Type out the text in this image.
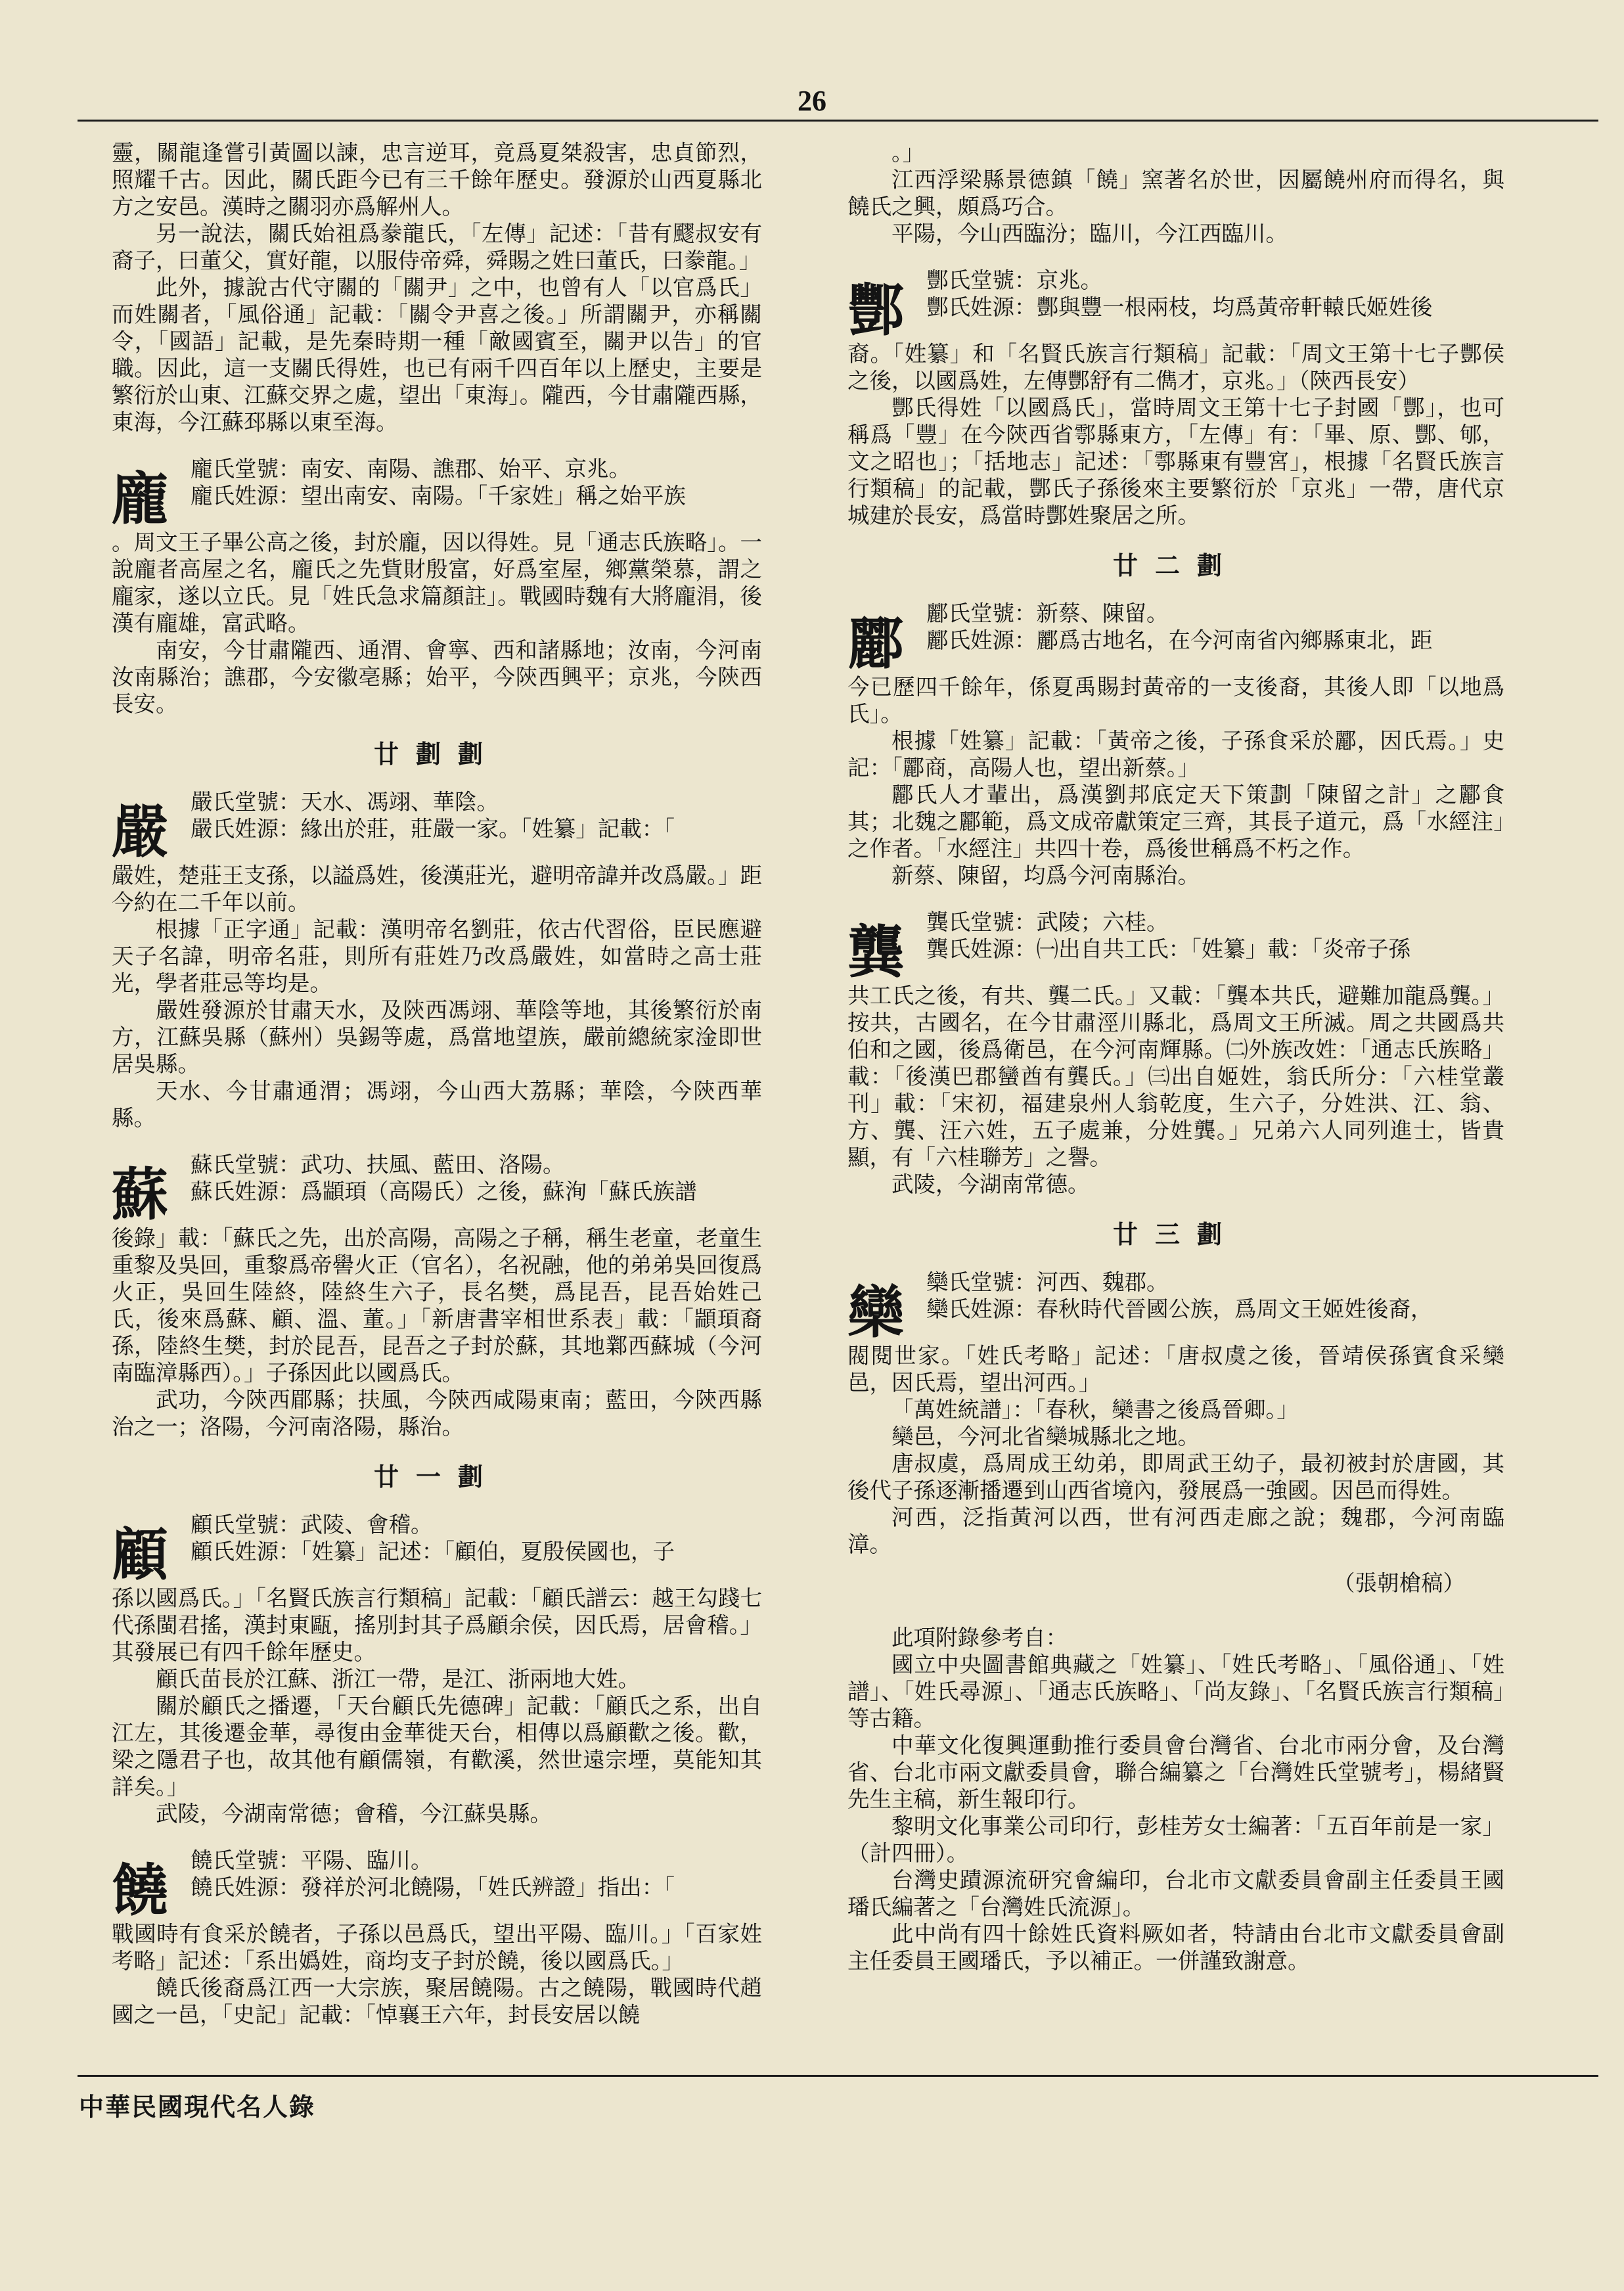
26

靈，關龍逢嘗引黃圖以諫，忠言逆耳，竟爲夏桀殺害，忠貞節烈，照耀千古。因此，關氏距今已有三千餘年歷史。發源於山西夏縣北方之安邑。漢時之關羽亦爲解州人。

另一說法，關氏始祖爲豢龍氏，「左傳」記述：「昔有飂叔安有裔子，曰董父，實好龍，以服侍帝舜，舜賜之姓曰董氏，曰豢龍。」

此外，據說古代守關的「關尹」之中，也曾有人「以官爲氏」而姓關者，「風俗通」記載：「關令尹喜之後。」所謂關尹，亦稱關令，「國語」記載，是先秦時期一種「敵國賓至，關尹以告」的官職。因此，這一支關氏得姓，也已有兩千四百年以上歷史，主要是繁衍於山東、江蘇交界之處，望出「東海」。隴西，今甘肅隴西縣，東海，今江蘇邳縣以東至海。

龐	龐氏堂號：南安、南陽、譙郡、始平、京兆。

龐氏姓源：望出南安、南陽。「千家姓」稱之始平族

。周文王子畢公高之後，封於龐，因以得姓。見「通志氏族略」。一說龐者高屋之名，龐氏之先貲財殷富，好爲室屋，鄉黨榮慕，謂之龐家，遂以立氏。見「姓氏急求篇顏註」。戰國時魏有大將龐涓，後漢有龐雄，富武略。

南安，今甘肅隴西、通渭、會寧、西和諸縣地；汝南，今河南汝南縣治；譙郡，今安徽亳縣；始平，今陝西興平；京兆，今陝西長安。

廿劃劃
嚴	嚴氏堂號：天水、馮翊、華陰。

嚴氏姓源：緣出於莊，莊嚴一家。「姓纂」記載：「

嚴姓，楚莊王支孫，以謚爲姓，後漢莊光，避明帝諱并改爲嚴。」距今約在二千年以前。

根據「正字通」記載：漢明帝名劉莊，依古代習俗，臣民應避天子名諱，明帝名莊，則所有莊姓乃改爲嚴姓，如當時之高士莊光，學者莊忌等均是。

嚴姓發源於甘肅天水，及陝西馮翊、華陰等地，其後繁衍於南方，江蘇吳縣（蘇州）吳錫等處，爲當地望族，嚴前總統家淦即世居吳縣。

天水、今甘肅通渭；馮翊，今山西大荔縣；華陰，今陝西華縣。

蘇	蘇氏堂號：武功、扶風、藍田、洛陽。

蘇氏姓源：爲顓頊（高陽氏）之後，蘇洵「蘇氏族譜

後錄」載：「蘇氏之先，出於高陽，高陽之子稱，稱生老童，老童生重黎及吳回，重黎爲帝嚳火正（官名），名祝融，他的弟弟吳回復爲火正，吳回生陸終，陸終生六子，長名樊，爲昆吾，昆吾始姓己氏，後來爲蘇、顧、溫、董。」「新唐書宰相世系表」載：「顓頊裔孫，陸終生樊，封於昆吾，昆吾之子封於蘇，其地鄴西蘇城（今河南臨漳縣西）。」子孫因此以國爲氏。

武功，今陝西郿縣；扶風，今陝西咸陽東南；藍田，今陝西縣治之一；洛陽，今河南洛陽，縣治。

廿一劃
顧	顧氏堂號：武陵、會稽。

顧氏姓源：「姓纂」記述：「顧伯，夏殷侯國也，子

孫以國爲氏。」「名賢氏族言行類稿」記載：「顧氏譜云：越王勾踐七代孫閩君搖，漢封東甌，搖別封其子爲顧余侯，因氏焉，居會稽。」其發展已有四千餘年歷史。

顧氏苗長於江蘇、浙江一帶，是江、浙兩地大姓。

關於顧氏之播遷，「天台顧氏先德碑」記載：「顧氏之系，出自江左，其後遷金華，尋復由金華徙天台，相傳以爲顧歡之後。歡，梁之隱君子也，故其他有顧儒嶺，有歡溪，然世遠宗堙，莫能知其詳矣。」

武陵，今湖南常德；會稽，今江蘇吳縣。

饒	饒氏堂號：平陽、臨川。

饒氏姓源：發祥於河北饒陽，「姓氏辨證」指出：「

戰國時有食采於饒者，子孫以邑爲氏，望出平陽、臨川。」「百家姓考略」記述：「系出嬀姓，商均支子封於饒，後以國爲氏。」

饒氏後裔爲江西一大宗族，聚居饒陽。古之饒陽，戰國時代趙國之一邑，「史記」記載：「悼襄王六年，封長安居以饒

。」

江西浮梁縣景德鎮「饒」窯著名於世，因屬饒州府而得名，與饒氏之興，頗爲巧合。

平陽，今山西臨汾；臨川，今江西臨川。

酆	酆氏堂號：京兆。

酆氏姓源：酆與豐一根兩枝，均爲黃帝軒轅氏姬姓後

裔。「姓纂」和「名賢氏族言行類稿」記載：「周文王第十七子酆侯之後，以國爲姓，左傳酆舒有二儁才，京兆。」（陝西長安）

酆氏得姓「以國爲氏」，當時周文王第十七子封國「酆」，也可稱爲「豐」在今陝西省鄠縣東方，「左傳」有：「畢、原、酆、郇，文之昭也」；「括地志」記述：「鄠縣東有豐宮」，根據「名賢氏族言行類稿」的記載，酆氏子孫後來主要繁衍於「京兆」一帶，唐代京城建於長安，爲當時酆姓聚居之所。

廿二劃
酈	酈氏堂號：新蔡、陳留。

酈氏姓源：酈爲古地名，在今河南省內鄉縣東北，距

今已歷四千餘年，係夏禹賜封黃帝的一支後裔，其後人即「以地爲氏」。

根據「姓纂」記載：「黃帝之後，子孫食采於酈，因氏焉。」史記：「酈商，高陽人也，望出新蔡。」

酈氏人才輩出，爲漢劉邦底定天下策劃「陳留之計」之酈食其；北魏之酈範，爲文成帝獻策定三齊，其長子道元，爲「水經注」之作者。「水經注」共四十卷，爲後世稱爲不朽之作。

新蔡、陳留，均爲今河南縣治。

龔	龔氏堂號：武陵；六桂。

龔氏姓源：㈠出自共工氏：「姓纂」載：「炎帝子孫

共工氏之後，有共、龔二氏。」又載：「龔本共氏，避難加龍爲龔。」按共，古國名，在今甘肅涇川縣北，爲周文王所滅。周之共國爲共伯和之國，後爲衛邑，在今河南輝縣。㈡外族改姓：「通志氏族略」載：「後漢巴郡蠻酋有龔氏。」㈢出自姬姓，翁氏所分：「六桂堂叢刊」載：「宋初，福建泉州人翁乾度，生六子，分姓洪、江、翁、方、龔、汪六姓，五子處兼，分姓龔。」兄弟六人同列進士，皆貴顯，有「六桂聯芳」之譽。

武陵，今湖南常德。

廿三劃
欒	欒氏堂號：河西、魏郡。

欒氏姓源：春秋時代晉國公族，爲周文王姬姓後裔，

閥閱世家。「姓氏考略」記述：「唐叔虞之後，晉靖侯孫賓食采欒邑，因氏焉，望出河西。」

「萬姓統譜」：「春秋，欒書之後爲晉卿。」

欒邑，今河北省欒城縣北之地。

唐叔虞，爲周成王幼弟，即周武王幼子，最初被封於唐國，其後代子孫逐漸播遷到山西省境內，發展爲一強國。因邑而得姓。

河西，泛指黃河以西，世有河西走廊之說；魏郡，今河南臨漳。

（張朝槍稿）

此項附錄參考自：

國立中央圖書館典藏之「姓纂」、「姓氏考略」、「風俗通」、「姓譜」、「姓氏尋源」、「通志氏族略」、「尚友錄」、「名賢氏族言行類稿」等古籍。

中華文化復興運動推行委員會台灣省、台北市兩分會，及台灣省、台北市兩文獻委員會，聯合編纂之「台灣姓氏堂號考」，楊緒賢先生主稿，新生報印行。

黎明文化事業公司印行，彭桂芳女士編著：「五百年前是一家」（計四冊）。

台灣史蹟源流研究會編印，台北市文獻委員會副主任委員王國璠氏編著之「台灣姓氏流源」。

此中尚有四十餘姓氏資料厥如者，特請由台北市文獻委員會副主任委員王國璠氏，予以補正。一併謹致謝意。

中華民國現代名人錄
